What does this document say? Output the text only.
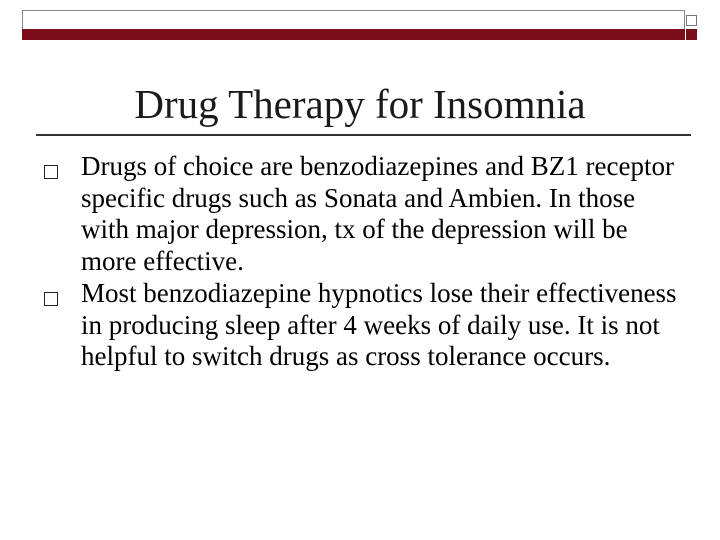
Drug Therapy for Insomnia
Drugs of choice are benzodiazepines and BZ1 receptor specific drugs such as Sonata and Ambien. In those with major depression, tx of the depression will be more effective.
Most benzodiazepine hypnotics lose their effectiveness in producing sleep after 4 weeks of daily use. It is not helpful to switch drugs as cross tolerance occurs.
